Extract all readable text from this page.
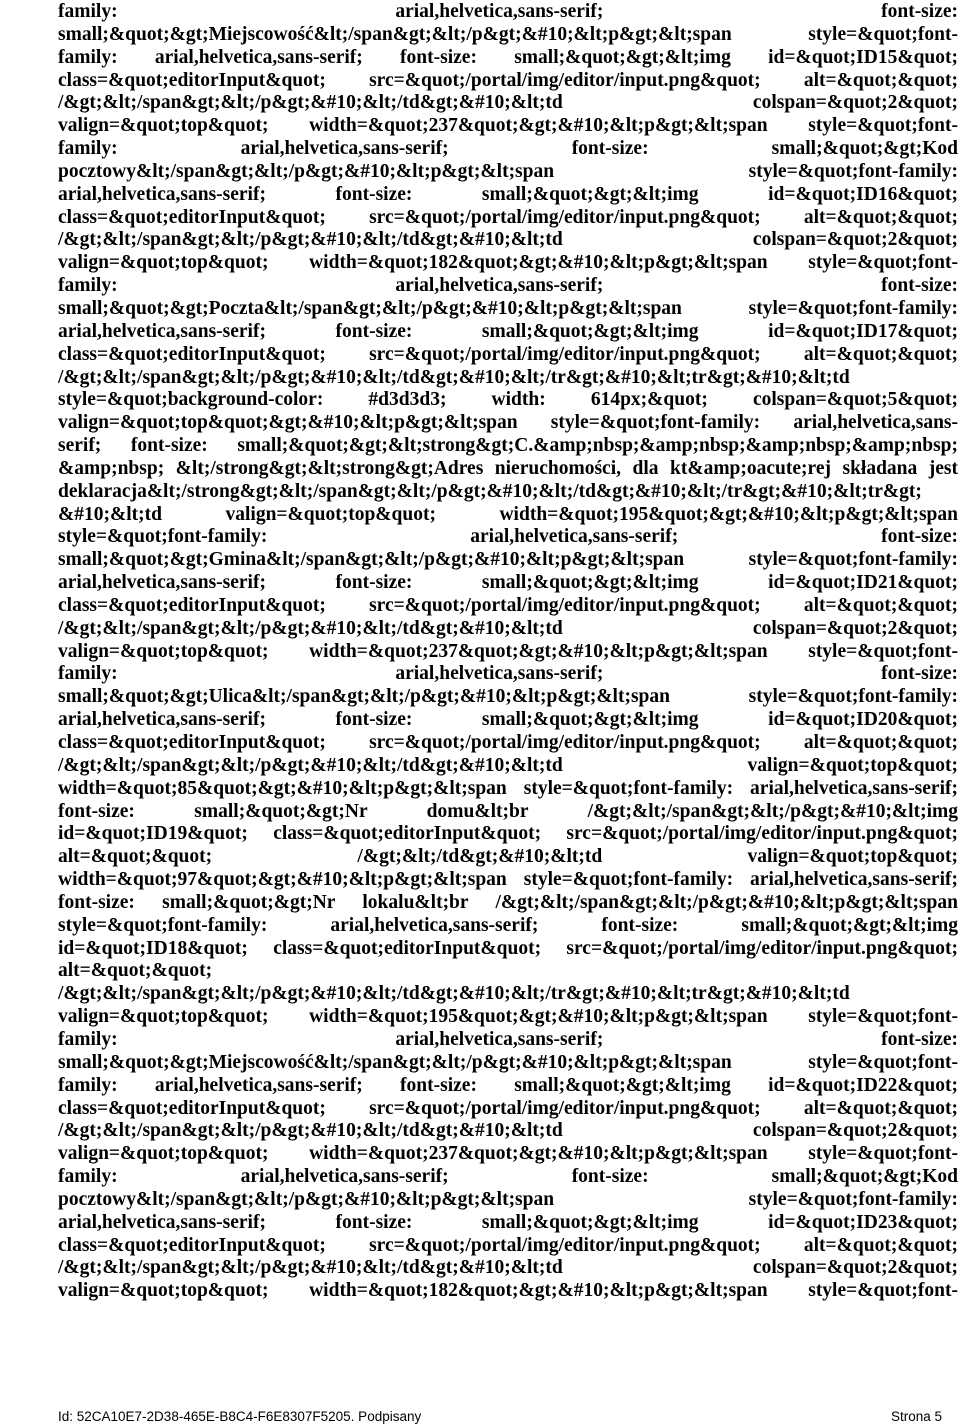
family: arial,helvetica,sans-serif; font-size:
small;&quot;&gt;Miejscowość&lt;/span&gt;&lt;/p&gt;&#10;&lt;p&gt;&lt;span style=&quot;font-
family: arial,helvetica,sans-serif; font-size: small;&quot;&gt;&lt;img id=&quot;ID15&quot;
class=&quot;editorInput&quot; src=&quot;/portal/img/editor/input.png&quot; alt=&quot;&quot;
/&gt;&lt;/span&gt;&lt;/p&gt;&#10;&lt;/td&gt;&#10;&lt;td colspan=&quot;2&quot;
valign=&quot;top&quot; width=&quot;237&quot;&gt;&#10;&lt;p&gt;&lt;span style=&quot;font-
family: arial,helvetica,sans-serif; font-size: small;&quot;&gt;Kod
pocztowy&lt;/span&gt;&lt;/p&gt;&#10;&lt;p&gt;&lt;span style=&quot;font-family:
arial,helvetica,sans-serif; font-size: small;&quot;&gt;&lt;img id=&quot;ID16&quot;
class=&quot;editorInput&quot; src=&quot;/portal/img/editor/input.png&quot; alt=&quot;&quot;
/&gt;&lt;/span&gt;&lt;/p&gt;&#10;&lt;/td&gt;&#10;&lt;td colspan=&quot;2&quot;
valign=&quot;top&quot; width=&quot;182&quot;&gt;&#10;&lt;p&gt;&lt;span style=&quot;font-
family: arial,helvetica,sans-serif; font-size:
small;&quot;&gt;Poczta&lt;/span&gt;&lt;/p&gt;&#10;&lt;p&gt;&lt;span style=&quot;font-family:
arial,helvetica,sans-serif; font-size: small;&quot;&gt;&lt;img id=&quot;ID17&quot;
class=&quot;editorInput&quot; src=&quot;/portal/img/editor/input.png&quot; alt=&quot;&quot;
/&gt;&lt;/span&gt;&lt;/p&gt;&#10;&lt;/td&gt;&#10;&lt;/tr&gt;&#10;&lt;tr&gt;&#10;&lt;td
style=&quot;background-color: #d3d3d3; width: 614px;&quot; colspan=&quot;5&quot;
valign=&quot;top&quot;&gt;&#10;&lt;p&gt;&lt;span style=&quot;font-family: arial,helvetica,sans-
serif; font-size: small;&quot;&gt;&lt;strong&gt;C.&amp;nbsp;&amp;nbsp;&amp;nbsp;&amp;nbsp;
&amp;nbsp; &lt;/strong&gt;&lt;strong&gt;Adres nieruchomości, dla kt&amp;oacute;rej składana jest
deklaracja&lt;/strong&gt;&lt;/span&gt;&lt;/p&gt;&#10;&lt;/td&gt;&#10;&lt;/tr&gt;&#10;&lt;tr&gt;
&#10;&lt;td valign=&quot;top&quot; width=&quot;195&quot;&gt;&#10;&lt;p&gt;&lt;span
style=&quot;font-family: arial,helvetica,sans-serif; font-size:
small;&quot;&gt;Gmina&lt;/span&gt;&lt;/p&gt;&#10;&lt;p&gt;&lt;span style=&quot;font-family:
arial,helvetica,sans-serif; font-size: small;&quot;&gt;&lt;img id=&quot;ID21&quot;
class=&quot;editorInput&quot; src=&quot;/portal/img/editor/input.png&quot; alt=&quot;&quot;
/&gt;&lt;/span&gt;&lt;/p&gt;&#10;&lt;/td&gt;&#10;&lt;td colspan=&quot;2&quot;
valign=&quot;top&quot; width=&quot;237&quot;&gt;&#10;&lt;p&gt;&lt;span style=&quot;font-
family: arial,helvetica,sans-serif; font-size:
small;&quot;&gt;Ulica&lt;/span&gt;&lt;/p&gt;&#10;&lt;p&gt;&lt;span style=&quot;font-family:
arial,helvetica,sans-serif; font-size: small;&quot;&gt;&lt;img id=&quot;ID20&quot;
class=&quot;editorInput&quot; src=&quot;/portal/img/editor/input.png&quot; alt=&quot;&quot;
/&gt;&lt;/span&gt;&lt;/p&gt;&#10;&lt;/td&gt;&#10;&lt;td valign=&quot;top&quot;
width=&quot;85&quot;&gt;&#10;&lt;p&gt;&lt;span style=&quot;font-family: arial,helvetica,sans-serif;
font-size: small;&quot;&gt;Nr domu&lt;br /&gt;&lt;/span&gt;&lt;/p&gt;&#10;&lt;img
id=&quot;ID19&quot; class=&quot;editorInput&quot; src=&quot;/portal/img/editor/input.png&quot;
alt=&quot;&quot; /&gt;&lt;/td&gt;&#10;&lt;td valign=&quot;top&quot;
width=&quot;97&quot;&gt;&#10;&lt;p&gt;&lt;span style=&quot;font-family: arial,helvetica,sans-serif;
font-size: small;&quot;&gt;Nr lokalu&lt;br /&gt;&lt;/span&gt;&lt;/p&gt;&#10;&lt;p&gt;&lt;span
style=&quot;font-family: arial,helvetica,sans-serif; font-size: small;&quot;&gt;&lt;img
id=&quot;ID18&quot; class=&quot;editorInput&quot; src=&quot;/portal/img/editor/input.png&quot;
alt=&quot;&quot;
/&gt;&lt;/span&gt;&lt;/p&gt;&#10;&lt;/td&gt;&#10;&lt;/tr&gt;&#10;&lt;tr&gt;&#10;&lt;td
valign=&quot;top&quot; width=&quot;195&quot;&gt;&#10;&lt;p&gt;&lt;span style=&quot;font-
family: arial,helvetica,sans-serif; font-size:
small;&quot;&gt;Miejscowość&lt;/span&gt;&lt;/p&gt;&#10;&lt;p&gt;&lt;span style=&quot;font-
family: arial,helvetica,sans-serif; font-size: small;&quot;&gt;&lt;img id=&quot;ID22&quot;
class=&quot;editorInput&quot; src=&quot;/portal/img/editor/input.png&quot; alt=&quot;&quot;
/&gt;&lt;/span&gt;&lt;/p&gt;&#10;&lt;/td&gt;&#10;&lt;td colspan=&quot;2&quot;
valign=&quot;top&quot; width=&quot;237&quot;&gt;&#10;&lt;p&gt;&lt;span style=&quot;font-
family: arial,helvetica,sans-serif; font-size: small;&quot;&gt;Kod
pocztowy&lt;/span&gt;&lt;/p&gt;&#10;&lt;p&gt;&lt;span style=&quot;font-family:
arial,helvetica,sans-serif; font-size: small;&quot;&gt;&lt;img id=&quot;ID23&quot;
class=&quot;editorInput&quot; src=&quot;/portal/img/editor/input.png&quot; alt=&quot;&quot;
/&gt;&lt;/span&gt;&lt;/p&gt;&#10;&lt;/td&gt;&#10;&lt;td colspan=&quot;2&quot;
valign=&quot;top&quot; width=&quot;182&quot;&gt;&#10;&lt;p&gt;&lt;span style=&quot;font-
Id: 52CA10E7-2D38-465E-B8C4-F6E8307F5205. Podpisany	Strona 5
